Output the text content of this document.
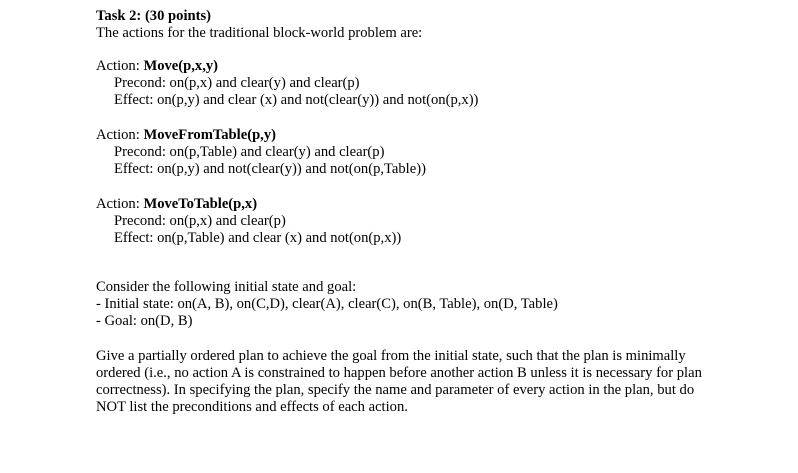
Task 2: (30 points)
The actions for the traditional block-world problem are:
Action: Move(p,x,y)
Precond: on(p,x) and clear(y) and clear(p)
Effect: on(p,y) and clear (x) and not(clear(y)) and not(on(p,x))
Action: MoveFromTable(p,y)
Precond: on(p,Table) and clear(y) and clear(p)
Effect: on(p,y) and not(clear(y)) and not(on(p,Table))
Action: MoveToTable(p,x)
Precond: on(p,x) and clear(p)
Effect: on(p,Table) and clear (x) and not(on(p,x))
Consider the following initial state and goal:
- Initial state: on(A, B), on(C,D), clear(A), clear(C), on(B, Table), on(D, Table)
- Goal: on(D, B)
Give a partially ordered plan to achieve the goal from the initial state, such that the plan is minimally
ordered (i.e., no action A is constrained to happen before another action B unless it is necessary for plan
correctness). In specifying the plan, specify the name and parameter of every action in the plan, but do
NOT list the preconditions and effects of each action.
